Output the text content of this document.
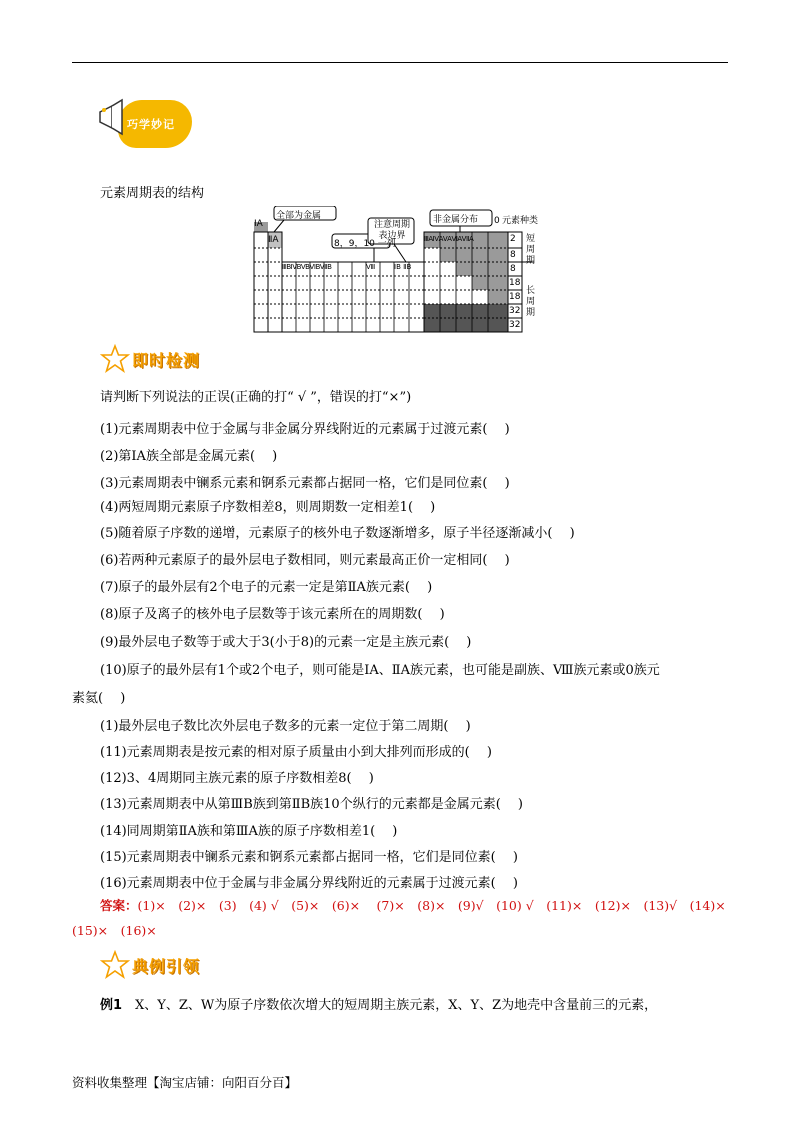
巧学妙记
元素周期表的结构
ⅠA
ⅡA
全部为金属
8，9，10 一列
注意周期表边界
非金属分布 0 元素种类
ⅢBⅣBⅤBⅥBⅦB	Ⅷ	ⅠB ⅡB
ⅢAⅣAⅤAⅥAⅦA	2
8
8
18
18
32
32
短周期
长周期
即时检测
请判断下列说法的正误(正确的打“ √ ”，错误的打“×”)
(1)元素周期表中位于金属与非金属分界线附近的元素属于过渡元素(　 )
(2)第ⅠA族全部是金属元素(　 )
(3)元素周期表中镧系元素和锕系元素都占据同一格，它们是同位素(　 )
(4)两短周期元素原子序数相差8，则周期数一定相差1(　 )
(5)随着原子序数的递增，元素原子的核外电子数逐渐增多，原子半径逐渐减小(　 )
(6)若两种元素原子的最外层电子数相同，则元素最高正价一定相同(　 )
(7)原子的最外层有2个电子的元素一定是第ⅡA族元素(　 )
(8)原子及离子的核外电子层数等于该元素所在的周期数(　 )
(9)最外层电子数等于或大于3(小于8)的元素一定是主族元素(　 )
(10)原子的最外层有1个或2个电子，则可能是ⅠA、ⅡA族元素，也可能是副族、Ⅷ族元素或0族元
素氦(　 )
(1)最外层电子数比次外层电子数多的元素一定位于第二周期(　 )
(11)元素周期表是按元素的相对原子质量由小到大排列而形成的(　 )
(12)3、4周期同主族元素的原子序数相差8(　 )
(13)元素周期表中从第ⅢB族到第ⅡB族10个纵行的元素都是金属元素(　 )
(14)同周期第ⅡA族和第ⅢA族的原子序数相差1(　 )
(15)元素周期表中镧系元素和锕系元素都占据同一格，它们是同位素(　 )
(16)元素周期表中位于金属与非金属分界线附近的元素属于过渡元素(　 )
答案：(1)×　(2)×　(3)　(4) √　(5)×　(6)×　 (7)×　(8)×　(9)√　(10) √　(11)×　(12)×　(13)√　(14)×
(15)×　(16)×
典例引领
例1　X、Y、Z、W为原子序数依次增大的短周期主族元素，X、Y、Z为地壳中含量前三的元素，
资料收集整理【淘宝店铺：向阳百分百】
